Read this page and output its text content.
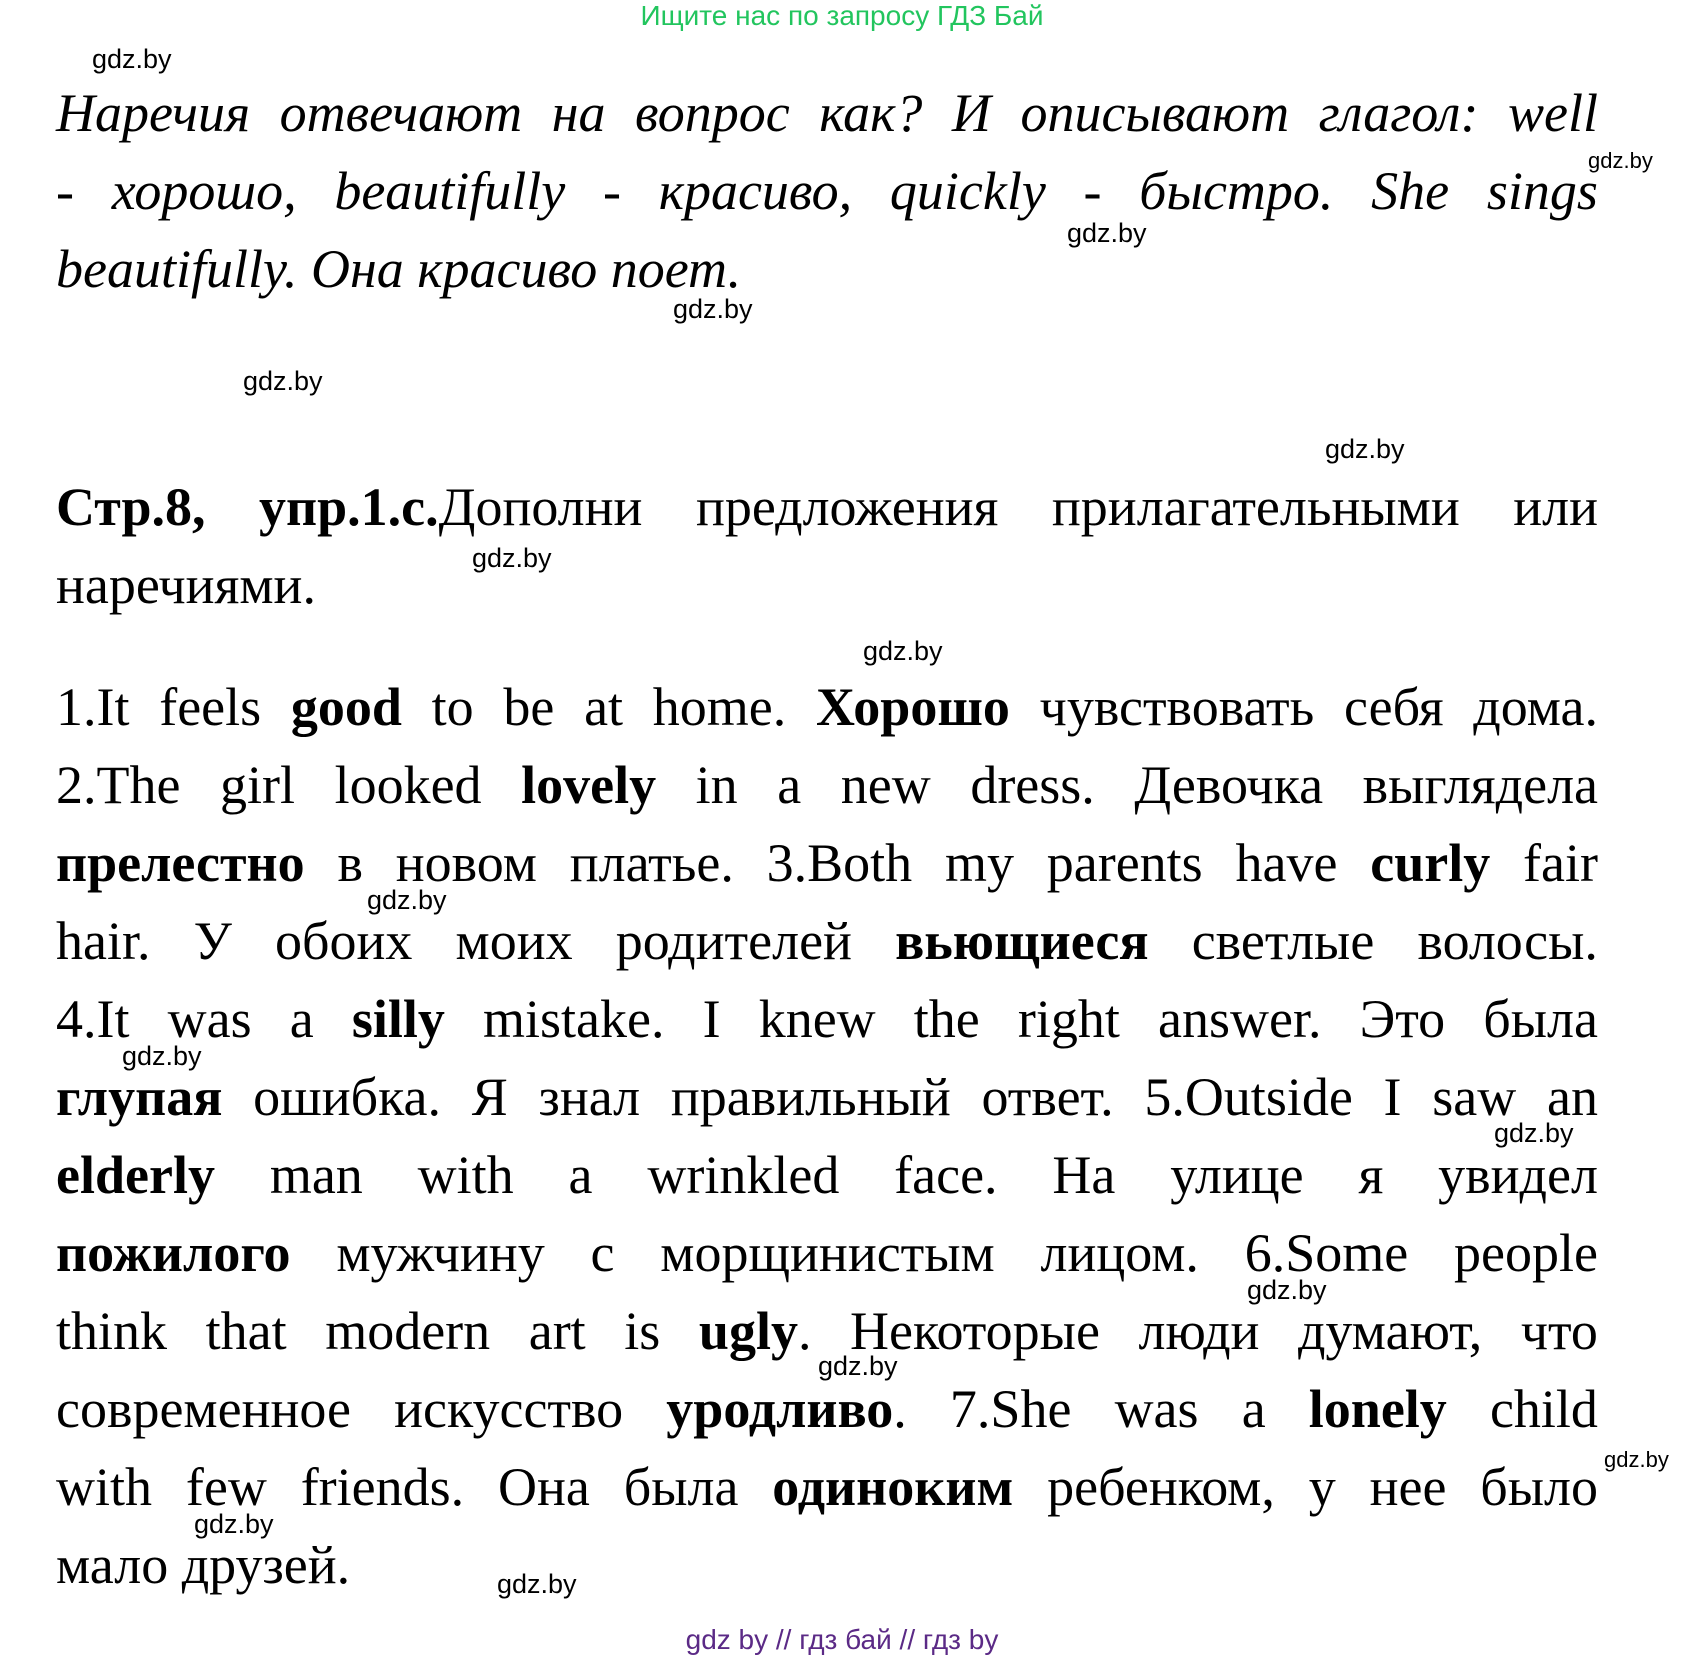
Ищите нас по запросу ГДЗ Бай
Наречия отвечают на вопрос как? И описывают глагол: well
- хорошо, beautifully - красиво, quickly - быстро. She sings
beautifully. Она красиво поет.
Стр.8, упр.1.c.Дополни предложения прилагательными или
наречиями.
1.It feels good to be at home. Хорошо чувствовать себя дома.
2.The girl looked lovely in a new dress. Девочка выглядела
прелестно в новом платье. 3.Both my parents have curly fair
hair. У обоих моих родителей вьющиеся светлые волосы.
4.It was a silly mistake. I knew the right answer. Это была
глупая ошибка. Я знал правильный ответ. 5.Outside I saw an
elderly man with a wrinkled face. На улице я увидел
пожилого мужчину с морщинистым лицом. 6.Some people
think that modern art is ugly. Некоторые люди думают, что
современное искусство уродливо. 7.She was a lonely child
with few friends. Она была одиноким ребенком, у нее было
мало друзей.
gdz.by
gdz.by
gdz.by
gdz.by
gdz.by
gdz.by
gdz.by
gdz.by
gdz.by
gdz.by
gdz.by
gdz.by
gdz.by
gdz.by
gdz.by
gdz.by
gdz by // гдз бай // гдз by
